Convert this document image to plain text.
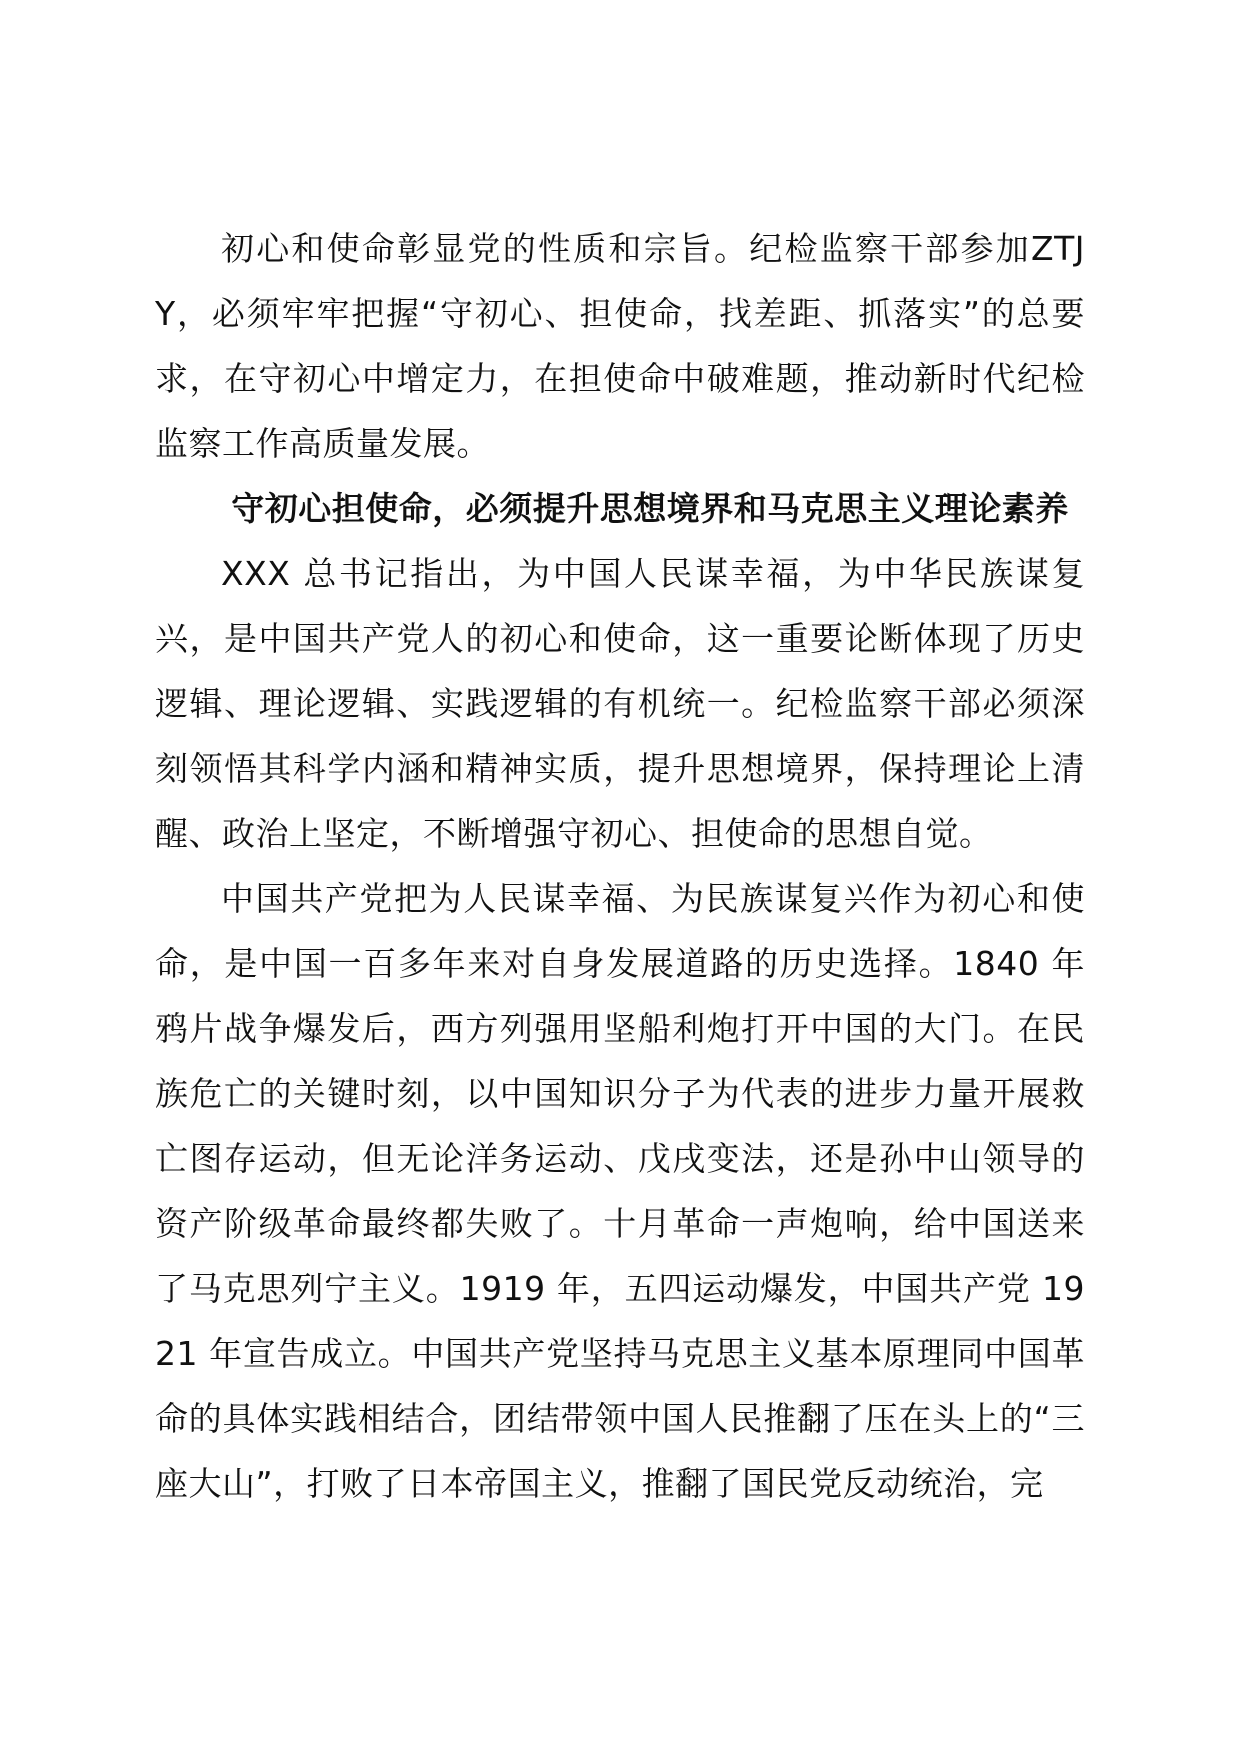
初心和使命彰显党的性质和宗旨。纪检监察干部参加ZTJY，必须牢牢把握“守初心、担使命，找差距、抓落实”的总要求，在守初心中增定力，在担使命中破难题，推动新时代纪检监察工作高质量发展。

守初心担使命，必须提升思想境界和马克思主义理论素养

XXX 总书记指出，为中国人民谋幸福，为中华民族谋复兴，是中国共产党人的初心和使命，这一重要论断体现了历史逻辑、理论逻辑、实践逻辑的有机统一。纪检监察干部必须深刻领悟其科学内涵和精神实质，提升思想境界，保持理论上清醒、政治上坚定，不断增强守初心、担使命的思想自觉。

中国共产党把为人民谋幸福、为民族谋复兴作为初心和使命，是中国一百多年来对自身发展道路的历史选择。1840 年鸦片战争爆发后，西方列强用坚船利炮打开中国的大门。在民族危亡的关键时刻，以中国知识分子为代表的进步力量开展救亡图存运动，但无论洋务运动、戊戌变法，还是孙中山领导的资产阶级革命最终都失败了。十月革命一声炮响，给中国送来了马克思列宁主义。1919 年，五四运动爆发，中国共产党 1921 年宣告成立。中国共产党坚持马克思主义基本原理同中国革命的具体实践相结合，团结带领中国人民推翻了压在头上的“三座大山”，打败了日本帝国主义，推翻了国民党反动统治，完
